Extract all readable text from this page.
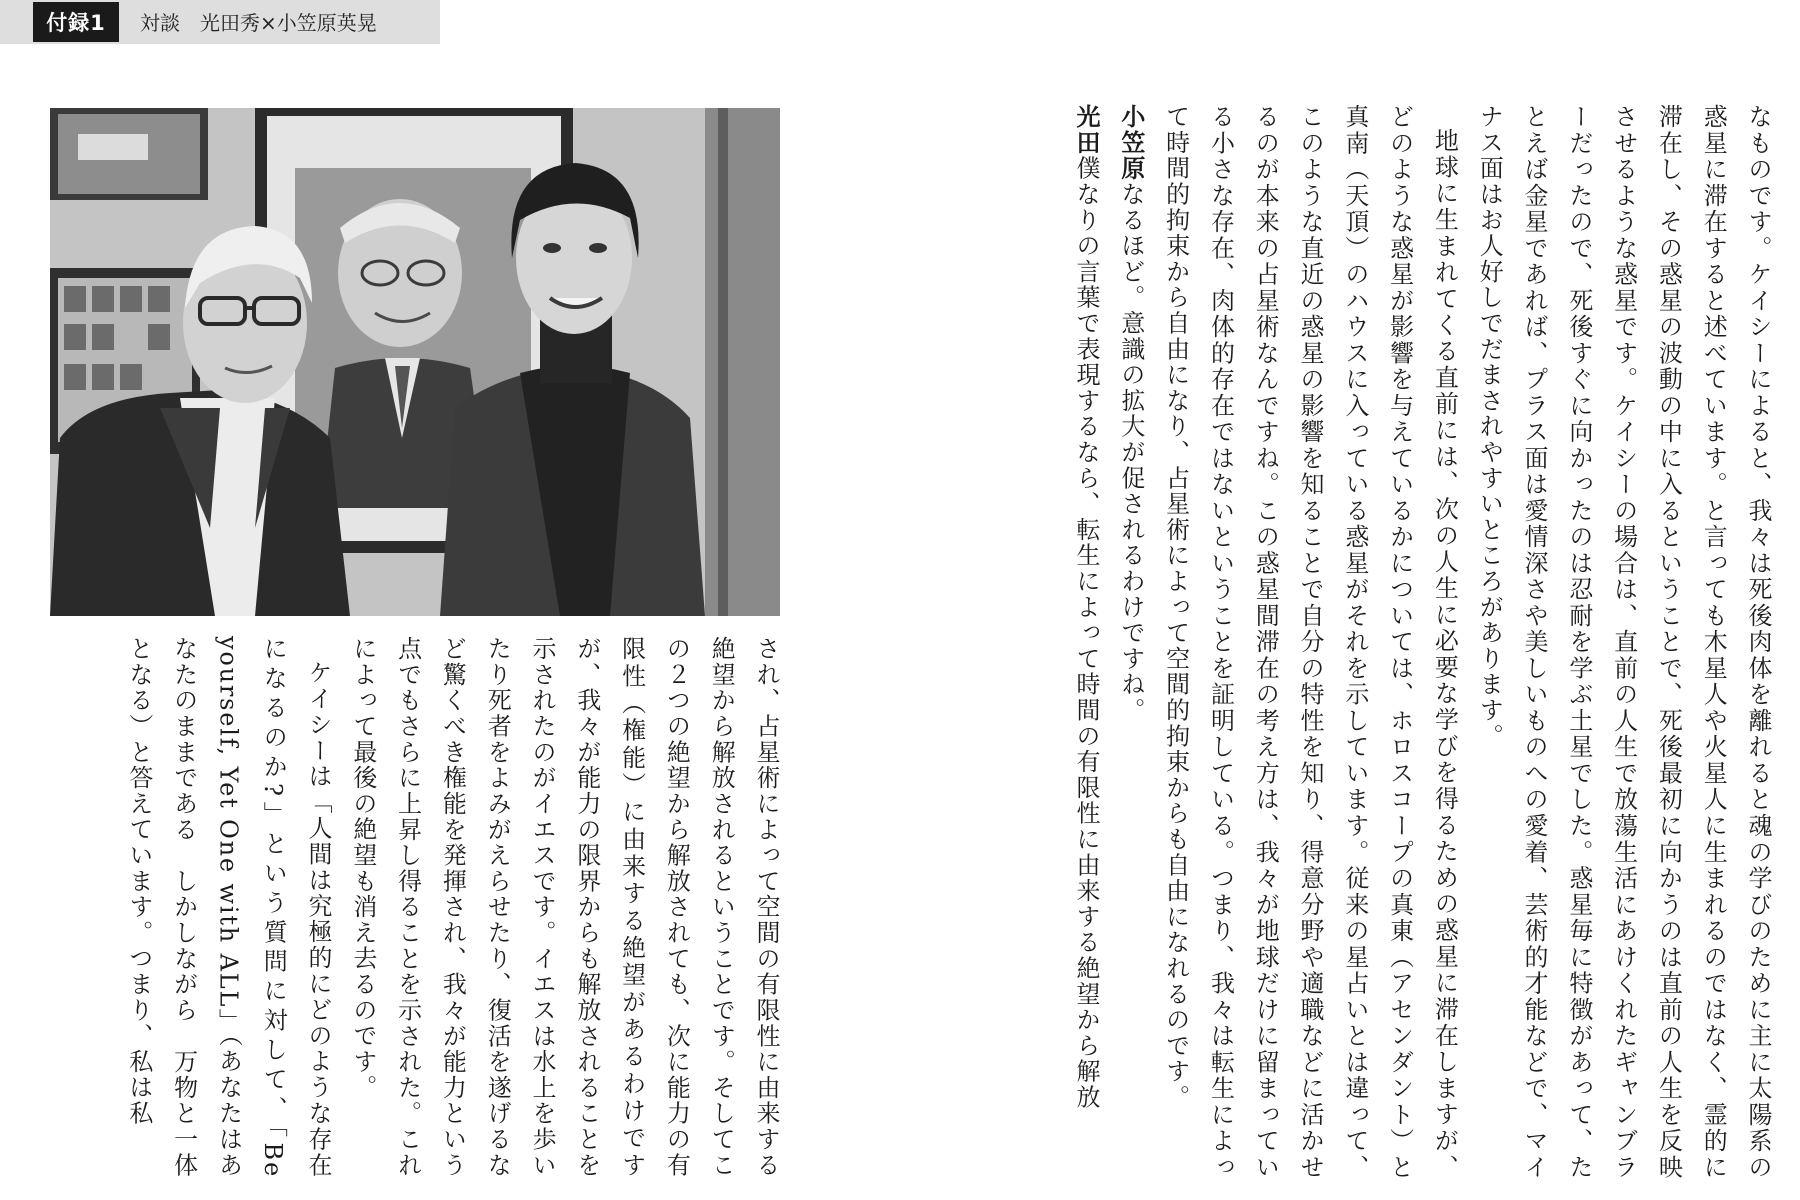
付録1	対談　光田秀×小笠原英晃

なものです。ケイシーによると、我々は死後肉体を離れると魂の学びのために主に太陽系の惑星に滞在すると述べています。と言っても木星人や火星人に生まれるのではなく、霊的に滞在し、その惑星の波動の中に入るということで、死後最初に向かうのは直前の人生を反映させるような惑星です。ケイシーの場合は、直前の人生で放蕩生活にあけくれたギャンブラーだったので、死後すぐに向かったのは忍耐を学ぶ土星でした。惑星毎に特徴があって、たとえば金星であれば、プラス面は愛情深さや美しいものへの愛着、芸術的才能などで、マイナス面はお人好しでだまされやすいところがあります。

地球に生まれてくる直前には、次の人生に必要な学びを得るための惑星に滞在しますが、どのような惑星が影響を与えているかについては、ホロスコープの真東（アセンダント）と真南（天頂）のハウスに入っている惑星がそれを示しています。従来の星占いとは違って、このような直近の惑星の影響を知ることで自分の特性を知り、得意分野や適職などに活かせるのが本来の占星術なんですね。この惑星間滞在の考え方は、我々が地球だけに留まっている小さな存在、肉体的存在ではないということを証明している。つまり、我々は転生によって時間的拘束から自由になり、占星術によって空間的拘束からも自由になれるのです。

小笠原なるほど。意識の拡大が促されるわけですね。

光田僕なりの言葉で表現するなら、転生によって時間の有限性に由来する絶望から解放

され、占星術によって空間の有限性に由来する絶望から解放されるということです。そしてこの２つの絶望から解放されても、次に能力の有限性（権能）に由来する絶望があるわけですが、我々が能力の限界からも解放されることを示されたのがイエスです。イエスは水上を歩いたり死者をよみがえらせたり、復活を遂げるなど驚くべき権能を発揮され、我々が能力という点でもさらに上昇し得ることを示された。これによって最後の絶望も消え去るのです。

ケイシーは「人間は究極的にどのような存在になるのか?」という質問に対して、「Be yourself, Yet One with ALL」（あなたはあなたのままである　しかしながら　万物と一体となる）と答えています。つまり、私は私
